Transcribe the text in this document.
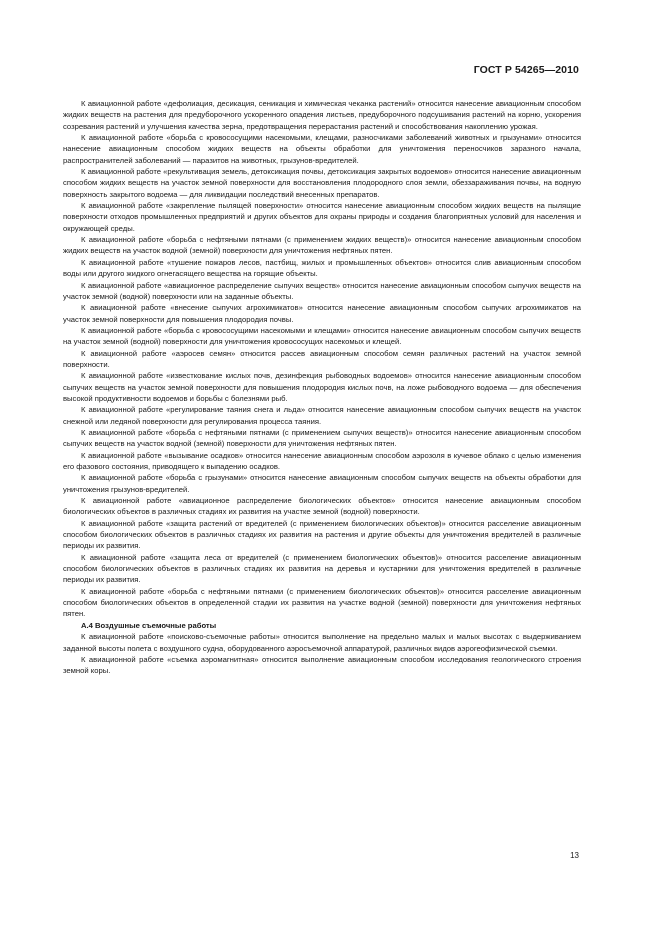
ГОСТ Р 54265—2010

К авиационной работе «дефолиация, десикация, сеникация и химическая чеканка растений» относится нанесение авиационным способом жидких веществ на растения для предуборочного ускоренного опадения листьев, предуборочного подсушивания растений на корню, ускорения созревания растений и улучшения качества зерна, предотвращения перерастания растений и способствования накоплению урожая.

К авиационной работе «борьба с кровососущими насекомыми, клещами, разносчиками заболеваний животных и грызунами» относится нанесение авиационным способом жидких веществ на объекты обработки для уничтожения переносчиков заразного начала, распространителей заболеваний — паразитов на животных, грызунов-вредителей.

К авиационной работе «рекультивация земель, детоксикация почвы, детоксикация закрытых водоемов» относится нанесение авиационным способом жидких веществ на участок земной поверхности для восстановления плодородного слоя земли, обеззараживания почвы, на водную поверхность закрытого водоема — для ликвидации последствий внесенных препаратов.

К авиационной работе «закрепление пылящей поверхности» относится нанесение авиационным способом жидких веществ на пылящие поверхности отходов промышленных предприятий и других объектов для охраны природы и создания благоприятных условий для населения и окружающей среды.

К авиационной работе «борьба с нефтяными пятнами (с применением жидких веществ)» относится нанесение авиационным способом жидких веществ на участок водной (земной) поверхности для уничтожения нефтяных пятен.

К авиационной работе «тушение пожаров лесов, пастбищ, жилых и промышленных объектов» относится слив авиационным способом воды или другого жидкого огнегасящего вещества на горящие объекты.

К авиационной работе «авиационное распределение сыпучих веществ» относится нанесение авиационным способом сыпучих веществ на участок земной (водной) поверхности или на заданные объекты.

К авиационной работе «внесение сыпучих агрохимикатов» относится нанесение авиационным способом сыпучих агрохимикатов на участок земной поверхности для повышения плодородия почвы.

К авиационной работе «борьба с кровососущими насекомыми и клещами» относится нанесение авиационным способом сыпучих веществ на участок земной (водной) поверхности для уничтожения кровососущих насекомых и клещей.

К авиационной работе «аэросев семян» относится рассев авиационным способом семян различных растений на участок земной поверхности.

К авиационной работе «известкование кислых почв, дезинфекция рыбоводных водоемов» относится нанесение авиационным способом сыпучих веществ на участок земной поверхности для повышения плодородия кислых почв, на ложе рыбоводного водоема — для обеспечения высокой продуктивности водоемов и борьбы с болезнями рыб.

К авиационной работе «регулирование таяния снега и льда» относится нанесение авиационным способом сыпучих веществ на участок снежной или ледяной поверхности для регулирования процесса таяния.

К авиационной работе «борьба с нефтяными пятнами (с применением сыпучих веществ)» относится нанесение авиационным способом сыпучих веществ на участок водной (земной) поверхности для уничтожения нефтяных пятен.

К авиационной работе «вызывание осадков» относится нанесение авиационным способом аэрозоля в кучевое облако с целью изменения его фазового состояния, приводящего к выпадению осадков.

К авиационной работе «борьба с грызунами» относится нанесение авиационным способом сыпучих веществ на объекты обработки для уничтожения грызунов-вредителей.

К авиационной работе «авиационное распределение биологических объектов» относится нанесение авиационным способом биологических объектов в различных стадиях их развития на участке земной (водной) поверхности.

К авиационной работе «защита растений от вредителей (с применением биологических объектов)» относится расселение авиационным способом биологических объектов в различных стадиях их развития на растения и другие объекты для уничтожения вредителей в различные периоды их развития.

К авиационной работе «защита леса от вредителей (с применением биологических объектов)» относится расселение авиационным способом биологических объектов в различных стадиях их развития на деревья и кустарники для уничтожения вредителей в различные периоды их развития.

К авиационной работе «борьба с нефтяными пятнами (с применением биологических объектов)» относится расселение авиационным способом биологических объектов в определенной стадии их развития на участке водной (земной) поверхности для уничтожения нефтяных пятен.

А.4 Воздушные съемочные работы

К авиационной работе «поисково-съемочные работы» относится выполнение на предельно малых и малых высотах с выдерживанием заданной высоты полета с воздушного судна, оборудованного аэросъемочной аппаратурой, различных видов аэрогеофизической съемки.

К авиационной работе «съемка аэромагнитная» относится выполнение авиационным способом исследования геологического строения земной коры.

13
